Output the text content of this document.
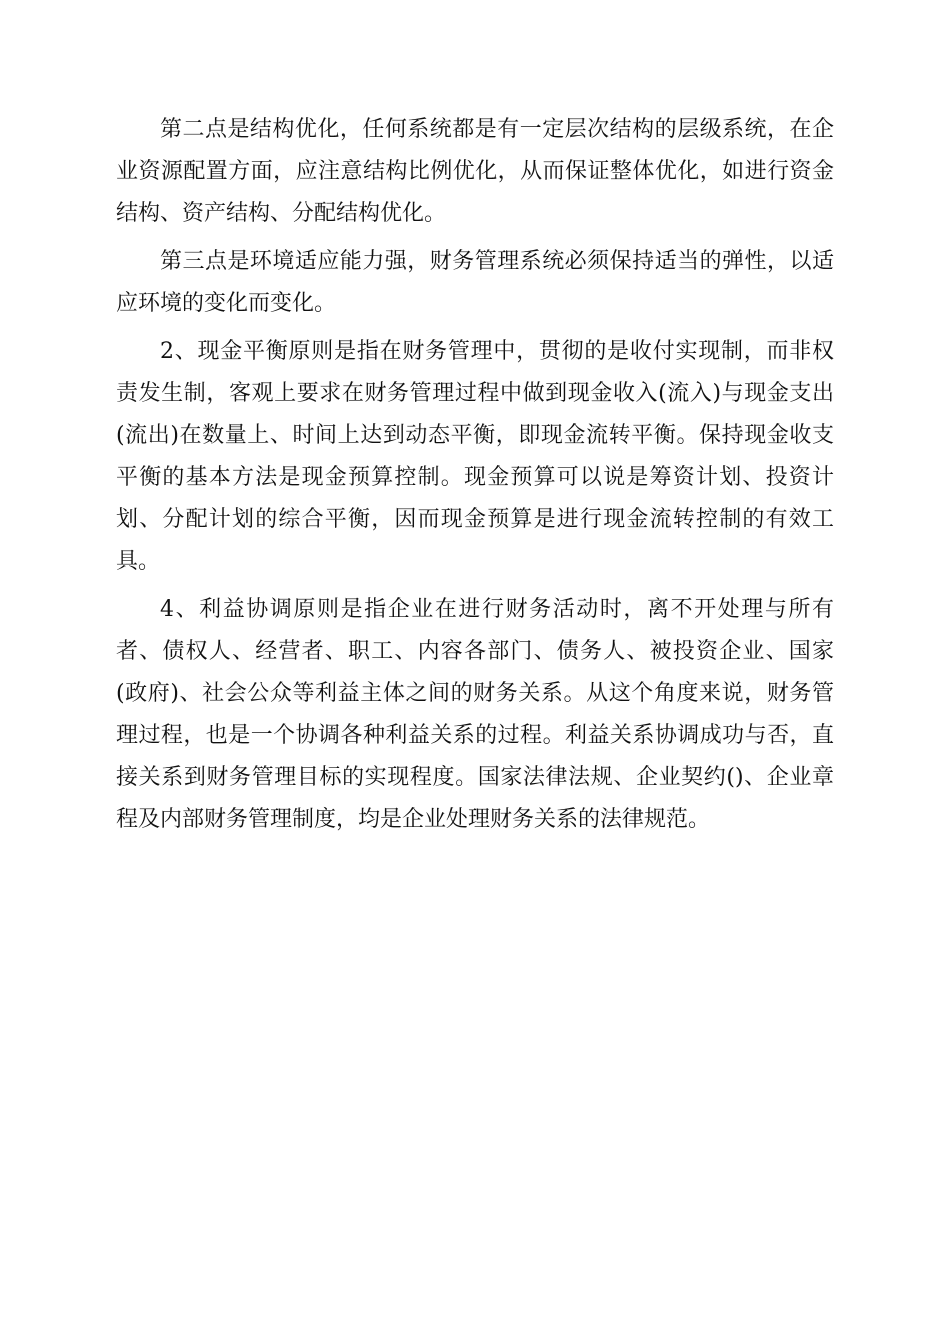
第二点是结构优化，任何系统都是有一定层次结构的层级系统，在企
业资源配置方面，应注意结构比例优化，从而保证整体优化，如进行资金
结构、资产结构、分配结构优化。
第三点是环境适应能力强，财务管理系统必须保持适当的弹性，以适
应环境的变化而变化。
2、现金平衡原则是指在财务管理中，贯彻的是收付实现制，而非权
责发生制，客观上要求在财务管理过程中做到现金收入(流入)与现金支出
(流出)在数量上、时间上达到动态平衡，即现金流转平衡。保持现金收支
平衡的基本方法是现金预算控制。现金预算可以说是筹资计划、投资计
划、分配计划的综合平衡，因而现金预算是进行现金流转控制的有效工
具。
4、利益协调原则是指企业在进行财务活动时，离不开处理与所有
者、债权人、经营者、职工、内容各部门、债务人、被投资企业、国家
(政府)、社会公众等利益主体之间的财务关系。从这个角度来说，财务管
理过程，也是一个协调各种利益关系的过程。利益关系协调成功与否，直
接关系到财务管理目标的实现程度。国家法律法规、企业契约()、企业章
程及内部财务管理制度，均是企业处理财务关系的法律规范。
